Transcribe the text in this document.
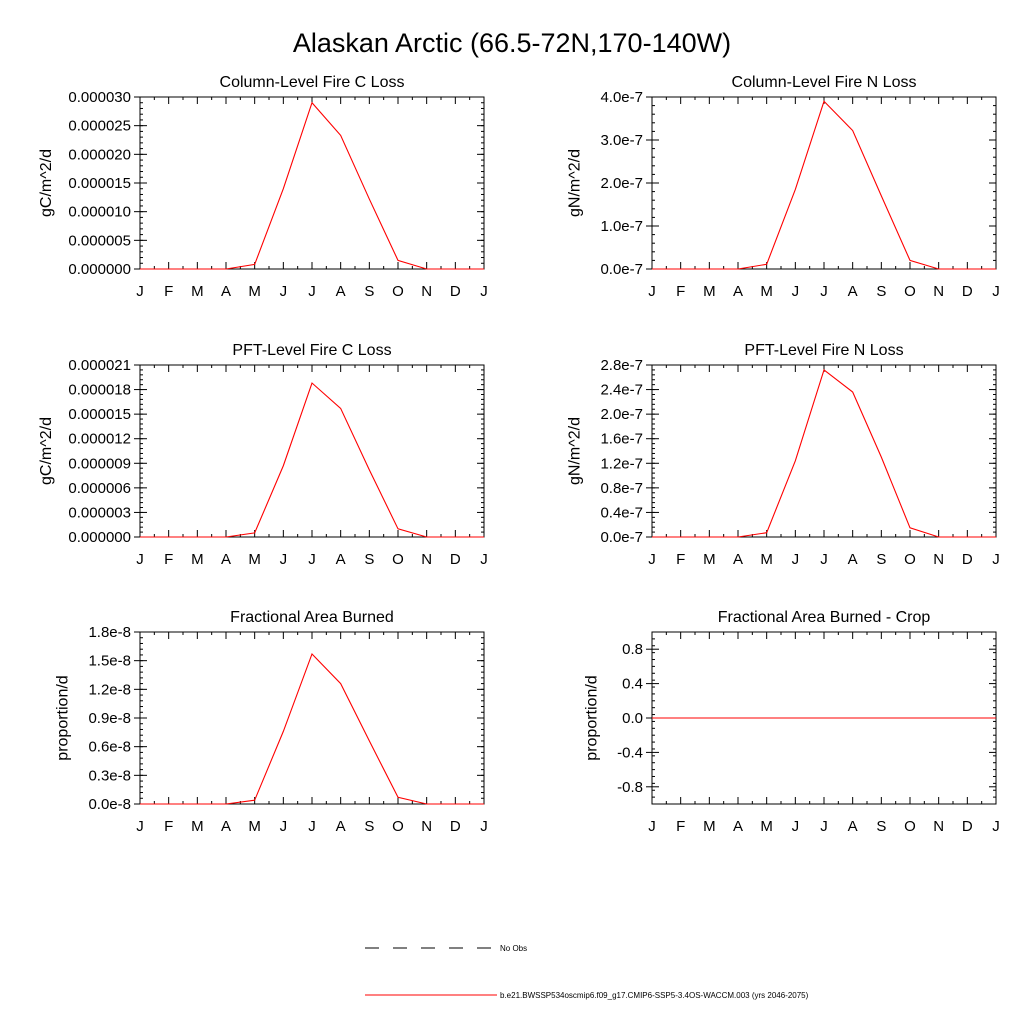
Alaskan Arctic (66.5-72N,170-140W)
J F M A M J J A S O N D J
0.000000
0.000005
0.000010
0.000015
0.000020
0.000025
0.000030
Column-Level Fire C Loss
gC/m^2/d
J F M A M J J A S O N D J
0.0e-7
1.0e-7
2.0e-7
3.0e-7
4.0e-7
Column-Level Fire N Loss
gN/m^2/d
J F M A M J J A S O N D J
0.000000
0.000003
0.000006
0.000009
0.000012
0.000015
0.000018
0.000021
PFT-Level Fire C Loss
gC/m^2/d
J F M A M J J A S O N D J
0.0e-7
0.4e-7
0.8e-7
1.2e-7
1.6e-7
2.0e-7
2.4e-7
2.8e-7
PFT-Level Fire N Loss
gN/m^2/d
J F M A M J J A S O N D J
0.0e-8
0.3e-8
0.6e-8
0.9e-8
1.2e-8
1.5e-8
1.8e-8
Fractional Area Burned
proportion/d
J F M A M J J A S O N D J
-0.8
-0.4
0.0
0.4
0.8
Fractional Area Burned - Crop
proportion/d
No Obs
b.e21.BWSSP534oscmip6.f09_g17.CMIP6-SSP5-3.4OS-WACCM.003 (yrs 2046-2075)
